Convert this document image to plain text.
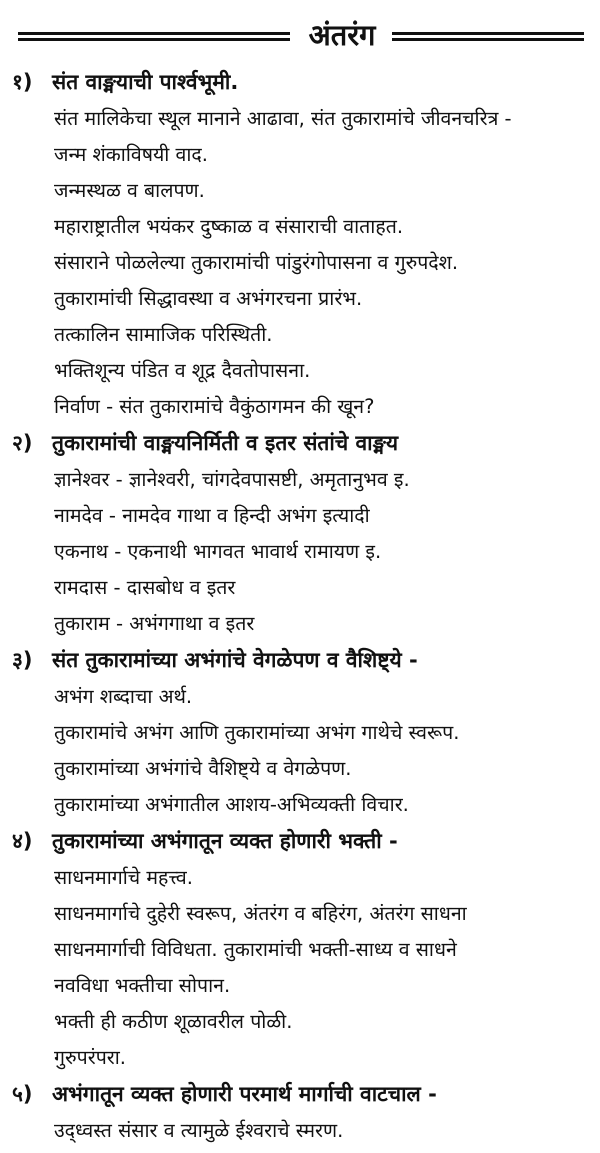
अंतरंग
१) संत वाङ्मयाची पार्श्वभूमी.
संत मालिकेचा स्थूल मानाने आढावा, संत तुकारामांचे जीवनचरित्र -
जन्म शंकाविषयी वाद.
जन्मस्थळ व बालपण.
महाराष्ट्रातील भयंकर दुष्काळ व संसाराची वाताहत.
संसाराने पोळलेल्या तुकारामांची पांडुरंगोपासना व गुरुपदेश.
तुकारामांची सिद्धावस्था व अभंगरचना प्रारंभ.
तत्कालिन सामाजिक परिस्थिती.
भक्तिशून्य पंडित व शूद्र दैवतोपासना.
निर्वाण - संत तुकारामांचे वैकुंठागमन की खून?
२) तुकारामांची वाङ्मयनिर्मिती व इतर संतांचे वाङ्मय
ज्ञानेश्वर - ज्ञानेश्वरी, चांगदेवपासष्टी, अमृतानुभव इ.
नामदेव - नामदेव गाथा व हिन्दी अभंग इत्यादी
एकनाथ - एकनाथी भागवत भावार्थ रामायण इ.
रामदास - दासबोध व इतर
तुकाराम - अभंगगाथा व इतर
३) संत तुकारामांच्या अभंगांचे वेगळेपण व वैशिष्ट्ये -
अभंग शब्दाचा अर्थ.
तुकारामांचे अभंग आणि तुकारामांच्या अभंग गाथेचे स्वरूप.
तुकारामांच्या अभंगांचे वैशिष्ट्ये व वेगळेपण.
तुकारामांच्या अभंगातील आशय-अभिव्यक्ती विचार.
४) तुकारामांच्या अभंगातून व्यक्त होणारी भक्ती -
साधनमार्गाचे महत्त्व.
साधनमार्गाचे दुहेरी स्वरूप, अंतरंग व बहिरंग, अंतरंग साधना
साधनमार्गाची विविधता. तुकारामांची भक्ती-साध्य व साधने
नवविधा भक्तीचा सोपान.
भक्ती ही कठीण शूळावरील पोळी.
गुरुपरंपरा.
५) अभंगातून व्यक्त होणारी परमार्थ मार्गाची वाटचाल -
उद्ध्वस्त संसार व त्यामुळे ईश्वराचे स्मरण.
